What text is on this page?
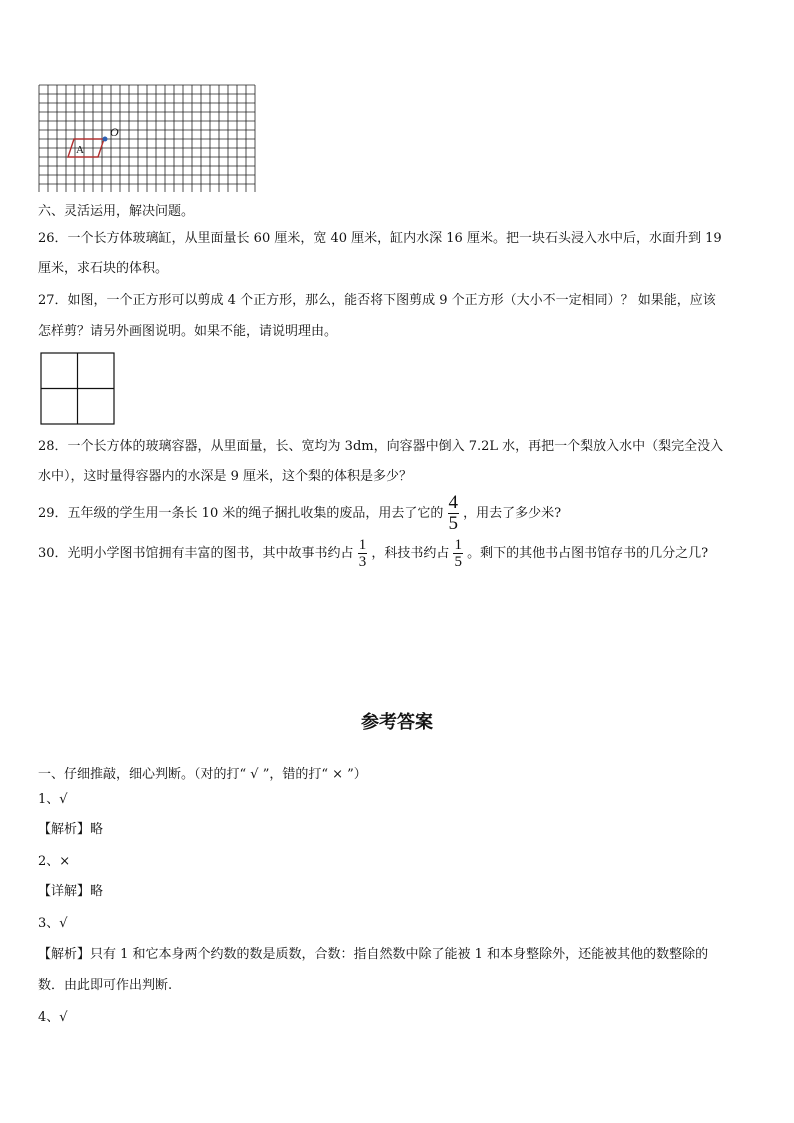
O
A
六、灵活运用，解决问题。
26．一个长方体玻璃缸，从里面量长 60 厘米，宽 40 厘米，缸内水深 16 厘米。把一块石头浸入水中后，水面升到 19
厘米，求石块的体积。
27．如图，一个正方形可以剪成 4 个正方形，那么，能否将下图剪成 9 个正方形（大小不一定相同）？ 如果能，应该
怎样剪？请另外画图说明。如果不能，请说明理由。
28．一个长方体的玻璃容器，从里面量，长、宽均为 3dm，向容器中倒入 7.2L 水，再把一个梨放入水中（梨完全没入
水中），这时量得容器内的水深是 9 厘米，这个梨的体积是多少？
29．五年级的学生用一条长 10 米的绳子捆扎收集的废品，用去了它的 $\frac{4}{5}$ ，用去了多少米?
30．光明小学图书馆拥有丰富的图书，其中故事书约占 $\frac{1}{3}$ ，科技书约占 $\frac{1}{5}$ 。剩下的其他书占图书馆存书的几分之几?
参考答案
一、仔细推敲，细心判断。（对的打“ √ ”，错的打“ × ”）
1、√
【解析】略
2、×
【详解】略
3、√
【解析】只有 1 和它本身两个约数的数是质数，合数：指自然数中除了能被 1 和本身整除外，还能被其他的数整除的
数．由此即可作出判断.
4、√
